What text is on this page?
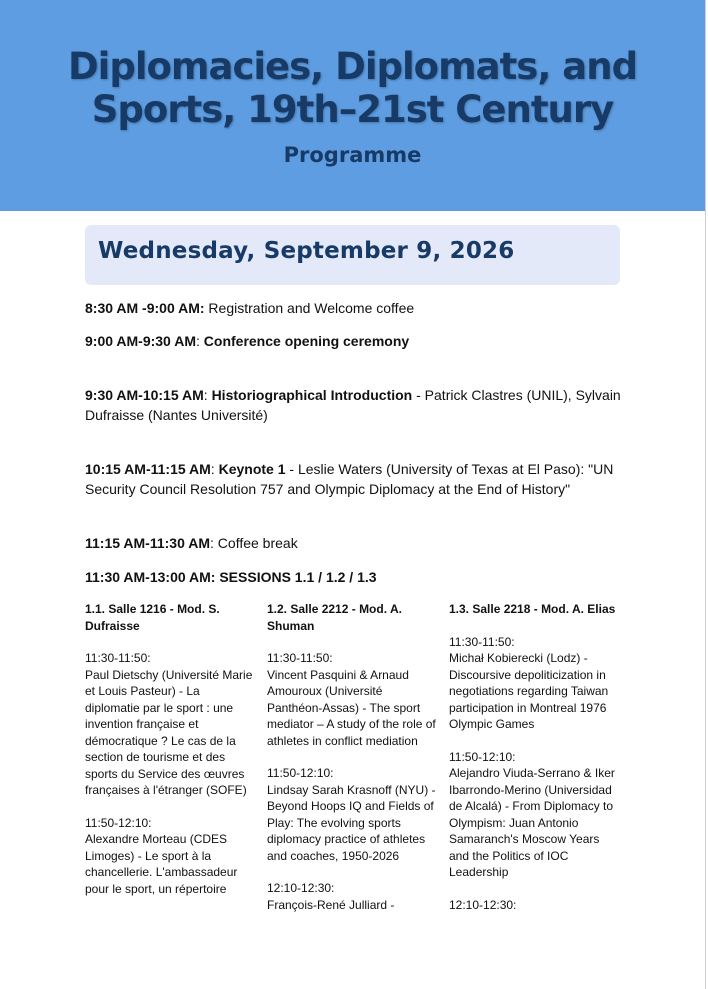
Diplomacies, Diplomats, and
Sports, 19th–21st Century
Programme
Wednesday, September 9, 2026
8:30 AM -9:00 AM: Registration and Welcome coffee
9:00 AM-9:30 AM: Conference opening ceremony
9:30 AM-10:15 AM: Historiographical Introduction - Patrick Clastres (UNIL), Sylvain Dufraisse (Nantes Université)
10:15 AM-11:15 AM: Keynote 1 - Leslie Waters (University of Texas at El Paso): "UN Security Council Resolution 757 and Olympic Diplomacy at the End of History"
11:15 AM-11:30 AM: Coffee break
11:30 AM-13:00 AM: SESSIONS 1.1 / 1.2 / 1.3
1.1. Salle 1216 - Mod. S. Dufraisse
11:30-11:50:
Paul Dietschy (Université Marie et Louis Pasteur) - La diplomatie par le sport : une invention française et démocratique ? Le cas de la section de tourisme et des sports du Service des œuvres françaises à l'étranger (SOFE)
11:50-12:10:
Alexandre Morteau (CDES Limoges) - Le sport à la chancellerie. L'ambassadeur pour le sport, un répertoire
1.2. Salle 2212 - Mod. A. Shuman
11:30-11:50:
Vincent Pasquini & Arnaud Amouroux (Université Panthéon-Assas) - The sport mediator – A study of the role of athletes in conflict mediation
11:50-12:10:
Lindsay Sarah Krasnoff (NYU) - Beyond Hoops IQ and Fields of Play: The evolving sports diplomacy practice of athletes and coaches, 1950-2026
12:10-12:30:
François-René Julliard -
1.3. Salle 2218 - Mod. A. Elias
11:30-11:50:
Michał Kobierecki (Lodz) - Discoursive depoliticization in negotiations regarding Taiwan participation in Montreal 1976 Olympic Games
11:50-12:10:
Alejandro Viuda-Serrano & Iker Ibarrondo-Merino (Universidad de Alcalá) - From Diplomacy to Olympism: Juan Antonio Samaranch's Moscow Years and the Politics of IOC Leadership
12:10-12:30:
